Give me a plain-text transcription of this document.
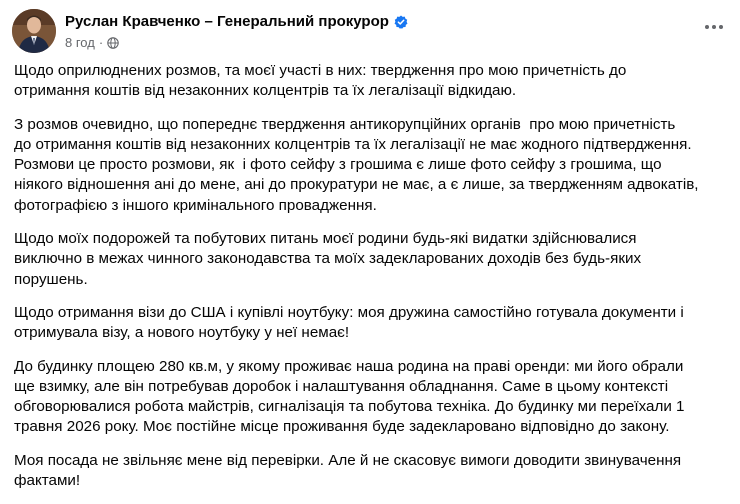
Руслан Кравченко – Генеральний прокурор
8 год ·

Щодо оприлюднених розмов, та моєї участі в них: твердження про мою причетність до
отримання коштів від незаконних колцентрів та їх легалізації відкидаю.

З розмов очевидно, що попереднє твердження антикорупційних органів  про мою причетність
до отримання коштів від незаконних колцентрів та їх легалізації не має жодного підтвердження.
Розмови це просто розмови, як  і фото сейфу з грошима є лише фото сейфу з грошима, що
ніякого відношення ані до мене, ані до прокуратури не має, а є лише, за твердженням адвокатів,
фотографією з іншого кримінального провадження.

Щодо моїх подорожей та побутових питань моєї родини будь-які видатки здійснювалися
виключно в межах чинного законодавства та моїх задекларованих доходів без будь-яких
порушень.

Щодо отримання візи до США і купівлі ноутбуку: моя дружина самостійно готувала документи і
отримувала візу, а нового ноутбуку у неї немає!

До будинку площею 280 кв.м, у якому проживає наша родина на праві оренди: ми його обрали
ще взимку, але він потребував доробок і налаштування обладнання. Саме в цьому контексті
обговорювалися робота майстрів, сигналізація та побутова техніка. До будинку ми переїхали 1
травня 2026 року. Моє постійне місце проживання буде задекларовано відповідно до закону.

Моя посада не звільняє мене від перевірки. Але й не скасовує вимоги доводити звинувачення
фактами!
